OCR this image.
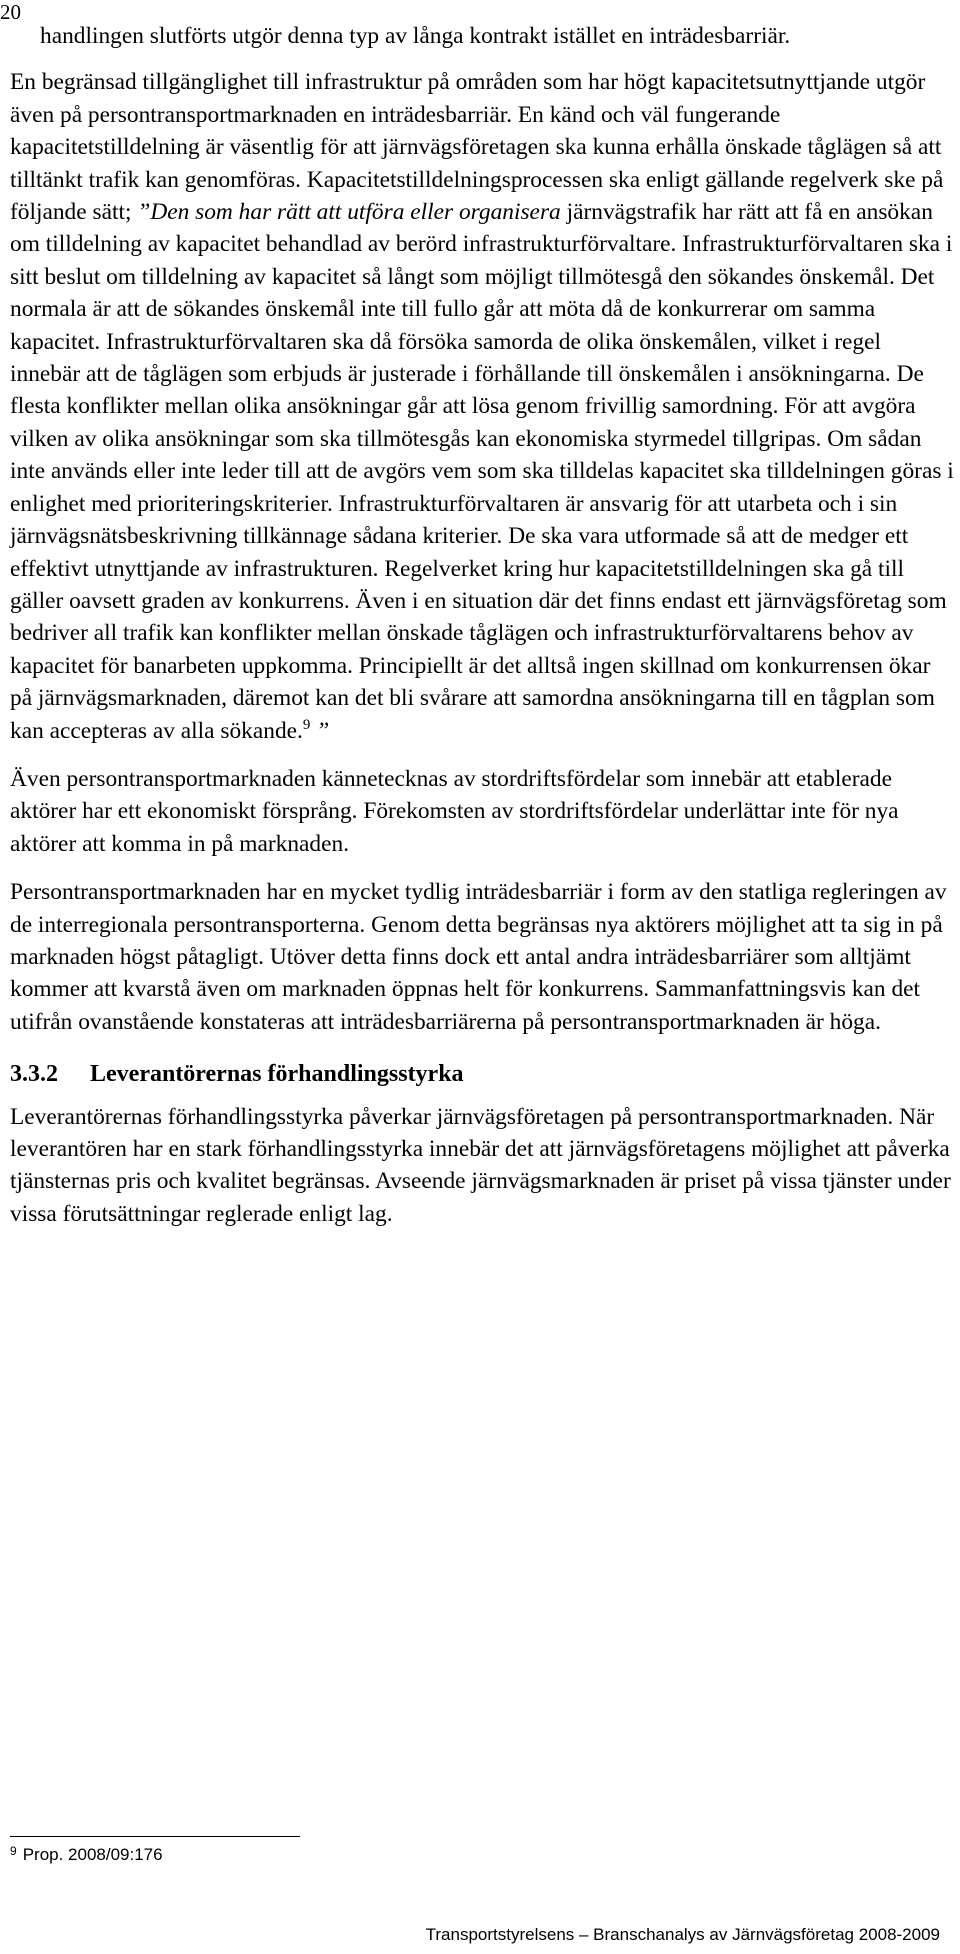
20

handlingen slutförts utgör denna typ av långa kontrakt istället en inträdesbarriär.

En begränsad tillgänglighet till infrastruktur på områden som har högt kapacitetsutnyttjande utgör även på persontransportmarknaden en inträdesbarriär. En känd och väl fungerande kapacitetstilldelning är väsentlig för att järnvägsföretagen ska kunna erhålla önskade tåglägen så att tilltänkt trafik kan genomföras. Kapacitetstilldelningsprocessen ska enligt gällande regelverk ske på följande sätt; ”Den som har rätt att utföra eller organisera järnvägstrafik har rätt att få en ansökan om tilldelning av kapacitet behandlad av berörd infrastrukturförvaltare. Infrastrukturförvaltaren ska i sitt beslut om tilldelning av kapacitet så långt som möjligt tillmötesgå den sökandes önskemål. Det normala är att de sökandes önskemål inte till fullo går att möta då de konkurrerar om samma kapacitet. Infrastrukturförvaltaren ska då försöka samorda de olika önskemålen, vilket i regel innebär att de tåglägen som erbjuds är justerade i förhållande till önskemålen i ansökningarna. De flesta konflikter mellan olika ansökningar går att lösa genom frivillig samordning. För att avgöra vilken av olika ansökningar som ska tillmötesgås kan ekonomiska styrmedel tillgripas. Om sådan inte används eller inte leder till att de avgörs vem som ska tilldelas kapacitet ska tilldelningen göras i enlighet med prioriteringskriterier. Infrastrukturförvaltaren är ansvarig för att utarbeta och i sin järnvägsnätsbeskrivning tillkännage sådana kriterier. De ska vara utformade så att de medger ett effektivt utnyttjande av infrastrukturen. Regelverket kring hur kapacitetstilldelningen ska gå till gäller oavsett graden av konkurrens. Även i en situation där det finns endast ett järnvägsföretag som bedriver all trafik kan konflikter mellan önskade tåglägen och infrastrukturförvaltarens behov av kapacitet för banarbeten uppkomma. Principiellt är det alltså ingen skillnad om konkurrensen ökar på järnvägsmarknaden, däremot kan det bli svårare att samordna ansökningarna till en tågplan som kan accepteras av alla sökande.$^9$ ”

Även persontransportmarknaden kännetecknas av stordriftsfördelar som innebär att etablerade aktörer har ett ekonomiskt försprång. Förekomsten av stordriftsfördelar underlättar inte för nya aktörer att komma in på marknaden.

Persontransportmarknaden har en mycket tydlig inträdesbarriär i form av den statliga regleringen av de interregionala persontransporterna. Genom detta begränsas nya aktörers möjlighet att ta sig in på marknaden högst påtagligt. Utöver detta finns dock ett antal andra inträdesbarriärer som alltjämt kommer att kvarstå även om marknaden öppnas helt för konkurrens. Sammanfattningsvis kan det utifrån ovanstående konstateras att inträdesbarriärerna på persontransportmarknaden är höga.

3.3.2 Leverantörernas förhandlingsstyrka

Leverantörernas förhandlingsstyrka påverkar järnvägsföretagen på persontransportmarknaden. När leverantören har en stark förhandlingsstyrka innebär det att järnvägsföretagens möjlighet att påverka tjänsternas pris och kvalitet begränsas. Avseende järnvägsmarknaden är priset på vissa tjänster under vissa förutsättningar reglerade enligt lag.

$^9$ Prop. 2008/09:176
Transportstyrelsens – Branschanalys av Järnvägsföretag 2008-2009
